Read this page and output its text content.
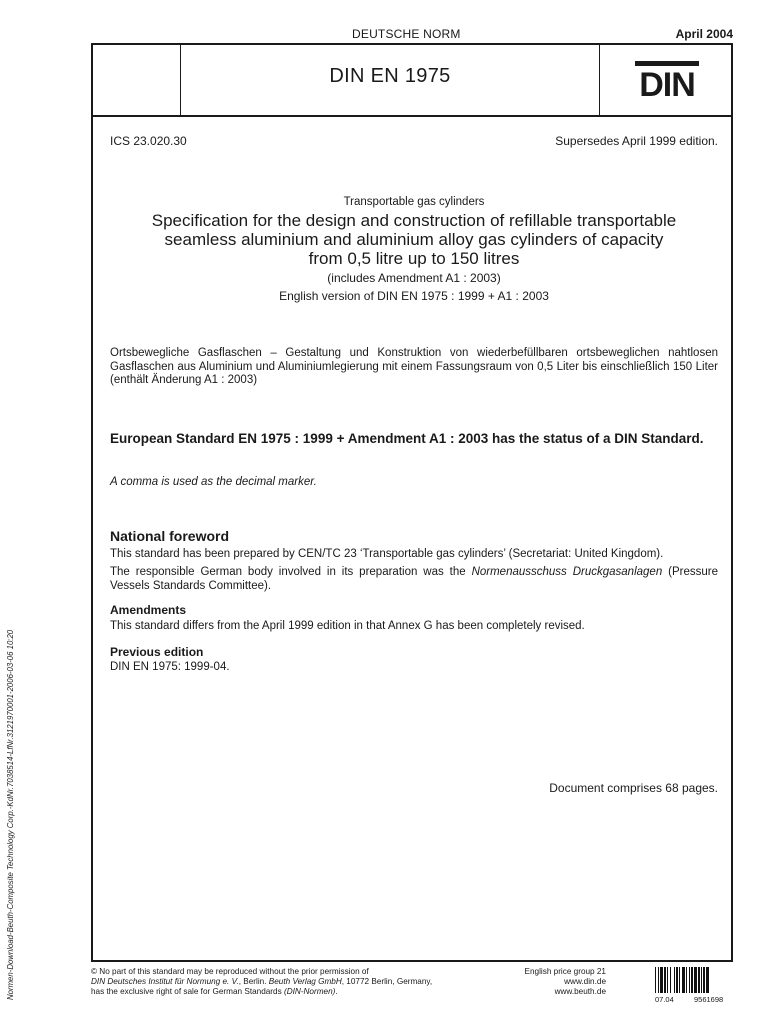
DEUTSCHE NORM	April 2004
DIN EN 1975	DIN
ICS 23.020.30	Supersedes April 1999 edition.
Transportable gas cylinders
Specification for the design and construction of refillable transportable
seamless aluminium and aluminium alloy gas cylinders of capacity
from 0,5 litre up to 150 litres
(includes Amendment A1 : 2003)
English version of DIN EN 1975 : 1999 + A1 : 2003
Ortsbewegliche Gasflaschen – Gestaltung und Konstruktion von wiederbefüllbaren ortsbeweglichen nahtlosen Gasflaschen aus Aluminium und Aluminiumlegierung mit einem Fassungsraum von 0,5 Liter bis einschließlich 150 Liter (enthält Änderung A1 : 2003)
European Standard EN 1975 : 1999 + Amendment A1 : 2003 has the status of a DIN Standard.
A comma is used as the decimal marker.
National foreword
This standard has been prepared by CEN/TC 23 ‘Transportable gas cylinders’ (Secretariat: United Kingdom).
The responsible German body involved in its preparation was the Normenausschuss Druckgasanlagen (Pressure Vessels Standards Committee).
Amendments
This standard differs from the April 1999 edition in that Annex G has been completely revised.
Previous edition
DIN EN 1975: 1999-04.
Document comprises 68 pages.
Normen-Download-Beuth-Composite Technology Corp.-KdNr.7038514-LfNr.3121970001-2006-03-06 10:20	© No part of this standard may be reproduced without the prior permission of
DIN Deutsches Institut für Normung e. V., Berlin. Beuth Verlag GmbH, 10772 Berlin, Germany,
has the exclusive right of sale for German Standards (DIN-Normen).
English price group 21
www.din.de
www.beuth.de
07.04	9561698
